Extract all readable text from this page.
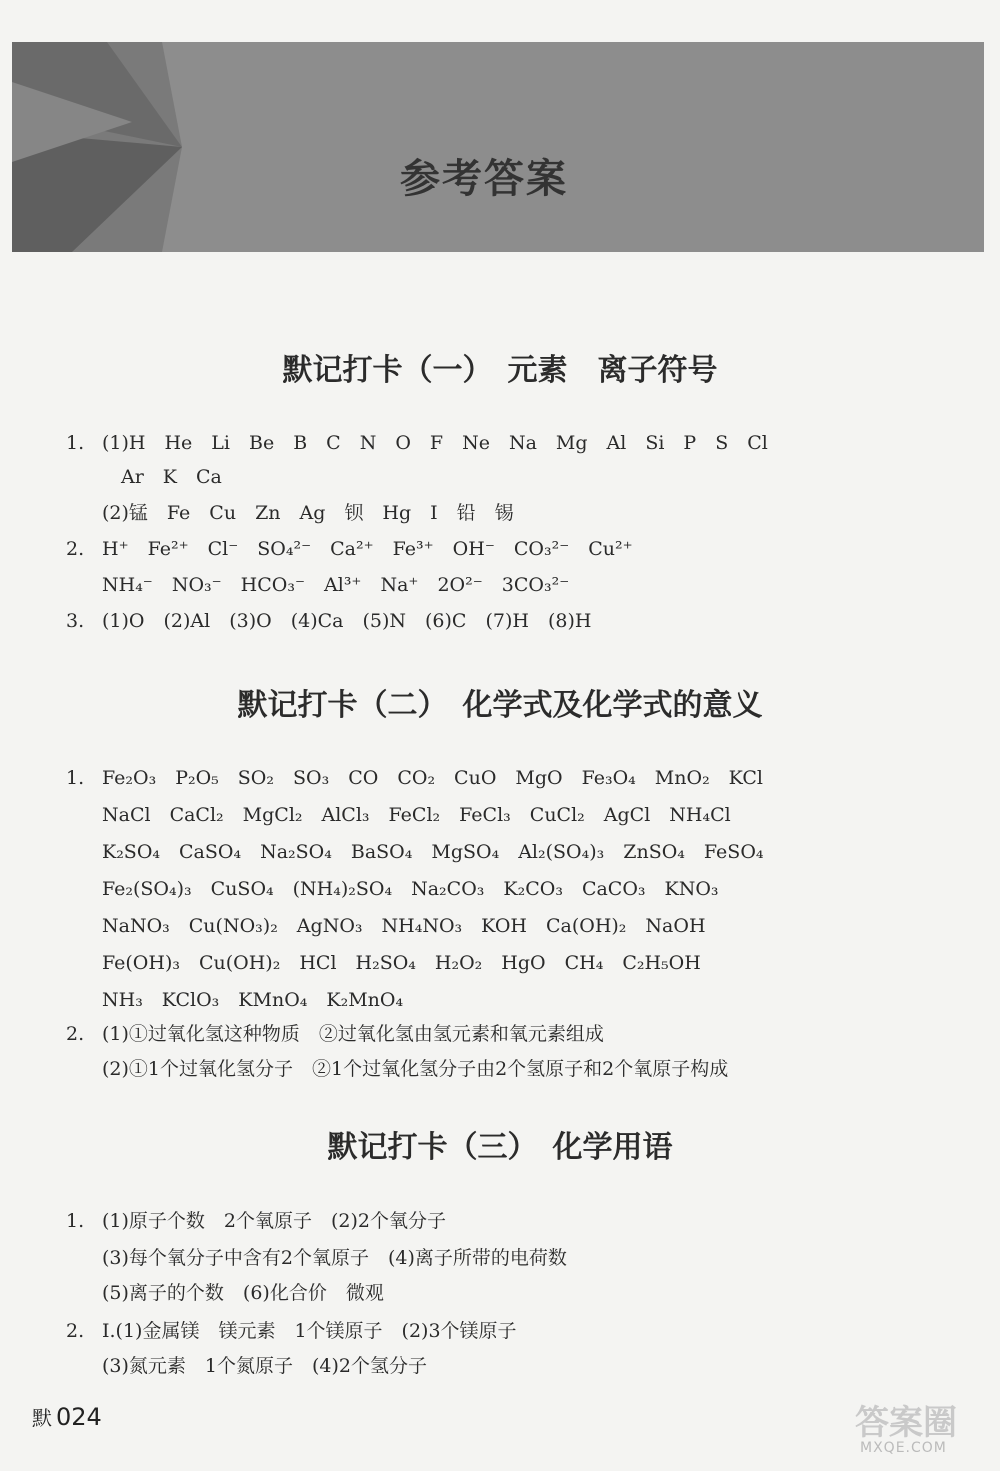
参考答案
默记打卡（一）　元素　离子符号
1. (1)H　He　Li　Be　B　C　N　O　F　Ne　Na　Mg　Al　Si　P　S　Cl
　Ar　K　Ca
(2)锰　Fe　Cu　Zn　Ag　钡　Hg　I　铅　锡
2. H⁺　Fe²⁺　Cl⁻　SO₄²⁻　Ca²⁺　Fe³⁺　OH⁻　CO₃²⁻　Cu²⁺
NH₄⁻　NO₃⁻　HCO₃⁻　Al³⁺　Na⁺　2O²⁻　3CO₃²⁻
3. (1)O　(2)Al　(3)O　(4)Ca　(5)N　(6)C　(7)H　(8)H
默记打卡（二）　化学式及化学式的意义
1. Fe₂O₃　P₂O₅　SO₂　SO₃　CO　CO₂　CuO　MgO　Fe₃O₄　MnO₂　KCl
NaCl　CaCl₂　MgCl₂　AlCl₃　FeCl₂　FeCl₃　CuCl₂　AgCl　NH₄Cl
K₂SO₄　CaSO₄　Na₂SO₄　BaSO₄　MgSO₄　Al₂(SO₄)₃　ZnSO₄　FeSO₄
Fe₂(SO₄)₃　CuSO₄　(NH₄)₂SO₄　Na₂CO₃　K₂CO₃　CaCO₃　KNO₃
NaNO₃　Cu(NO₃)₂　AgNO₃　NH₄NO₃　KOH　Ca(OH)₂　NaOH
Fe(OH)₃　Cu(OH)₂　HCl　H₂SO₄　H₂O₂　HgO　CH₄　C₂H₅OH
NH₃　KClO₃　KMnO₄　K₂MnO₄
2. (1)①过氧化氢这种物质　②过氧化氢由氢元素和氧元素组成
(2)①1个过氧化氢分子　②1个过氧化氢分子由2个氢原子和2个氧原子构成
默记打卡（三）　化学用语
1. (1)原子个数　2个氧原子　(2)2个氧分子
(3)每个氧分子中含有2个氧原子　(4)离子所带的电荷数
(5)离子的个数　(6)化合价　微观
2. Ⅰ.(1)金属镁　镁元素　1个镁原子　(2)3个镁原子
(3)氮元素　1个氮原子　(4)2个氢分子
默 024	答案圈
MXQE.COM
